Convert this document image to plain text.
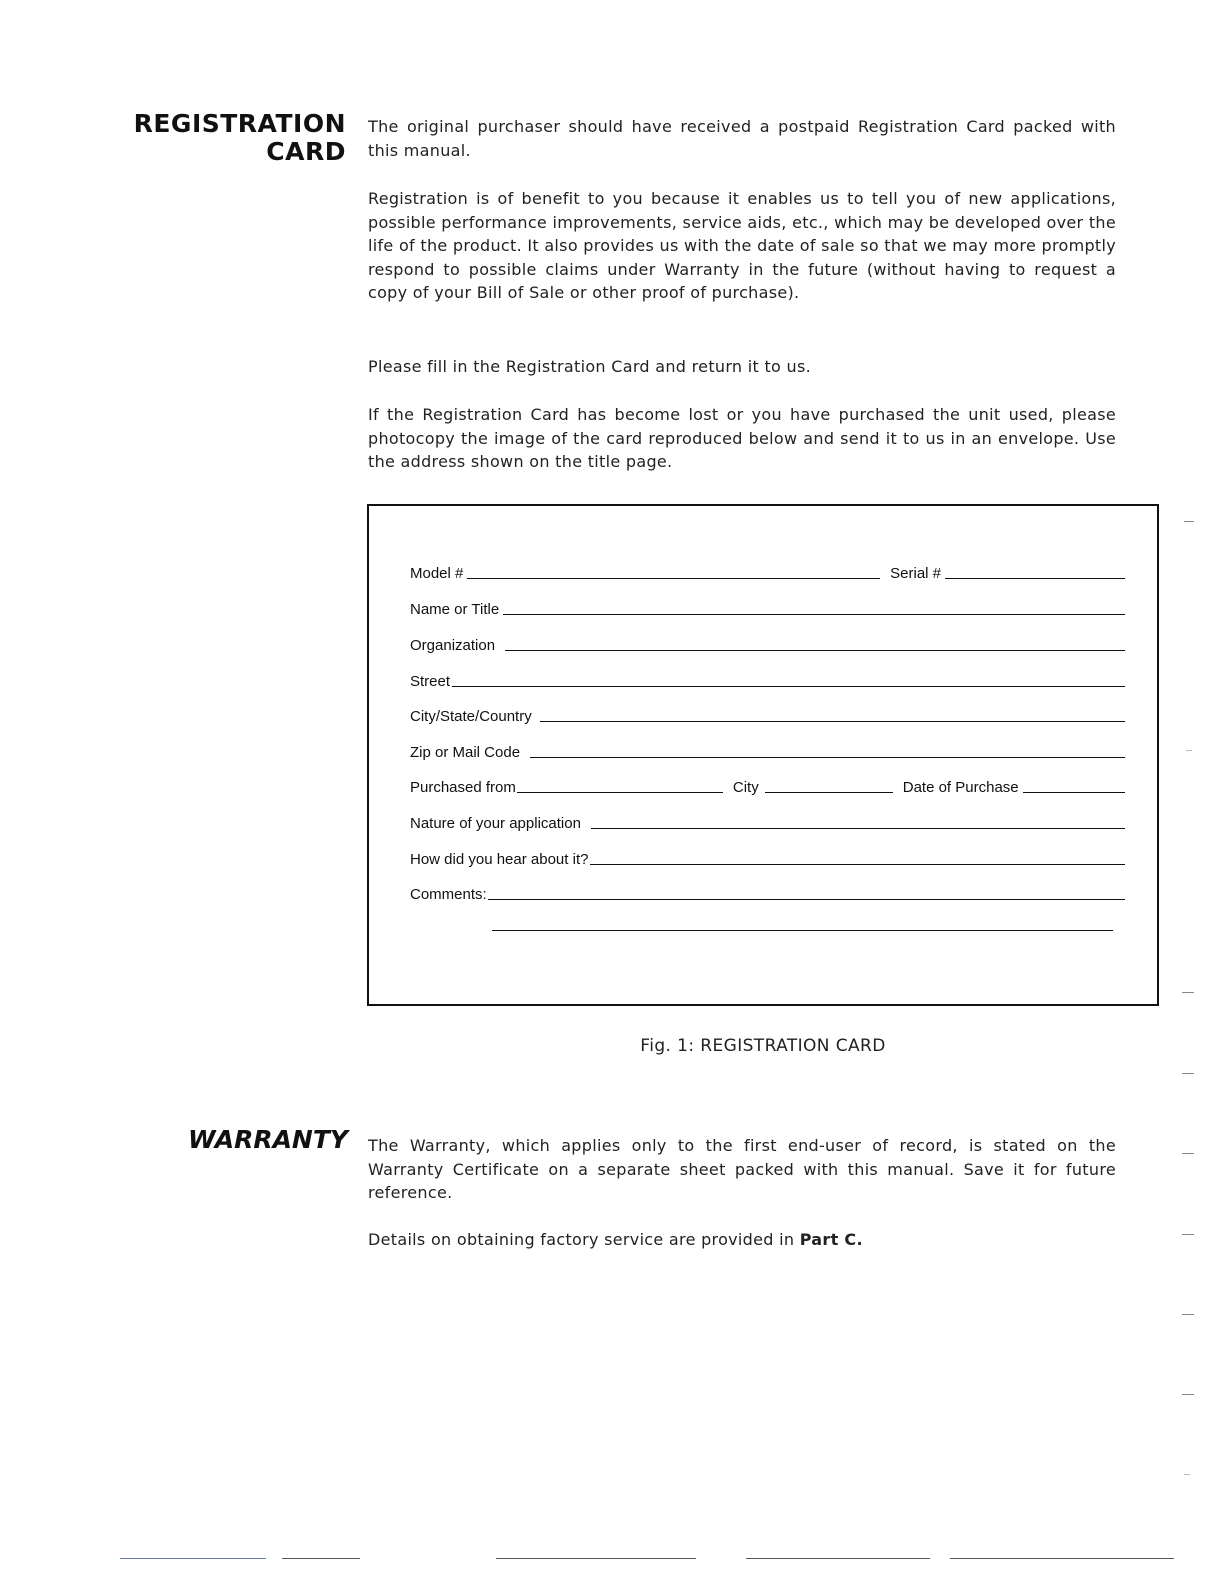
REGISTRATION
CARD

The original purchaser should have received a postpaid Registration Card packed with this manual.

Registration is of benefit to you because it enables us to tell you of new applications, possible performance improvements, service aids, etc., which may be developed over the life of the product. It also provides us with the date of sale so that we may more promptly respond to possible claims under Warranty in the future (without having to request a copy of your Bill of Sale or other proof of purchase).

Please fill in the Registration Card and return it to us.

If the Registration Card has become lost or you have purchased the unit used, please photocopy the image of the card reproduced below and send it to us in an envelope. Use the address shown on the title page.

Model #	Serial #
Name or Title
Organization
Street
City/State/Country
Zip or Mail Code
Purchased from	City	Date of Purchase
Nature of your application
How did you hear about it?
Comments:
Fig. 1: REGISTRATION CARD
WARRANTY The Warranty, which applies only to the first end-user of record, is stated on the Warranty Certificate on a separate sheet packed with this manual. Save it for future reference.

Details on obtaining factory service are provided in Part C.
